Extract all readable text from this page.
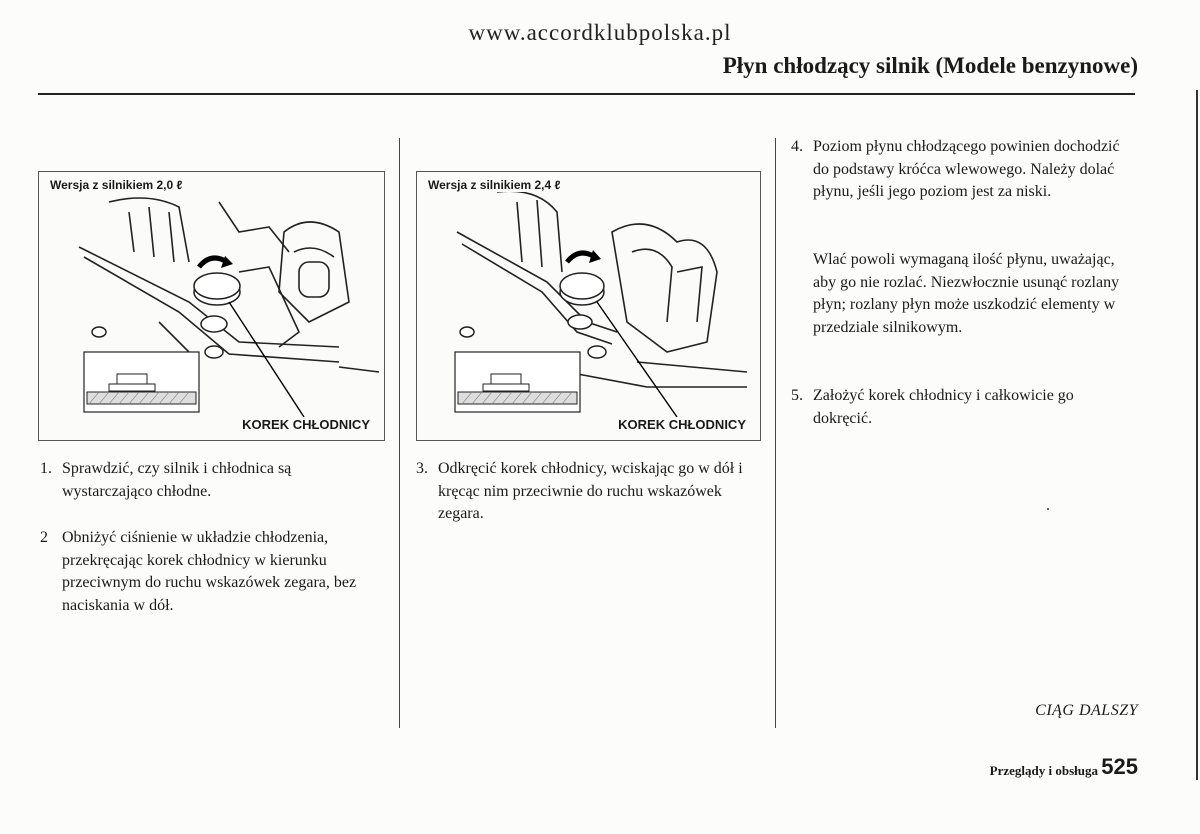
www.accordklubpolska.pl
Płyn chłodzący silnik (Modele benzynowe)
Wersja z silnikiem 2,0 ℓ
KOREK CHŁODNICY
Wersja z silnikiem 2,4 ℓ
KOREK CHŁODNICY
1. Sprawdzić, czy silnik i chłodnica są wystarczająco chłodne.
2 Obniżyć ciśnienie w układzie chłodzenia, przekręcając korek chłodnicy w kierunku przeciwnym do ruchu wskazówek zegara, bez naciskania w dół.
3. Odkręcić korek chłodnicy, wciskając go w dół i kręcąc nim przeciwnie do ruchu wskazówek zegara.
4. Poziom płynu chłodzącego powinien dochodzić do podstawy króćca wlewowego. Należy dolać płynu, jeśli jego poziom jest za niski.
Wlać powoli wymaganą ilość płynu, uważając, aby go nie rozlać. Niezwłocznie usunąć rozlany płyn; rozlany płyn może uszkodzić elementy w przedziale silnikowym.
5. Założyć korek chłodnicy i całkowicie go dokręcić.
CIĄG DALSZY
Przeglądy i obsługa 525
